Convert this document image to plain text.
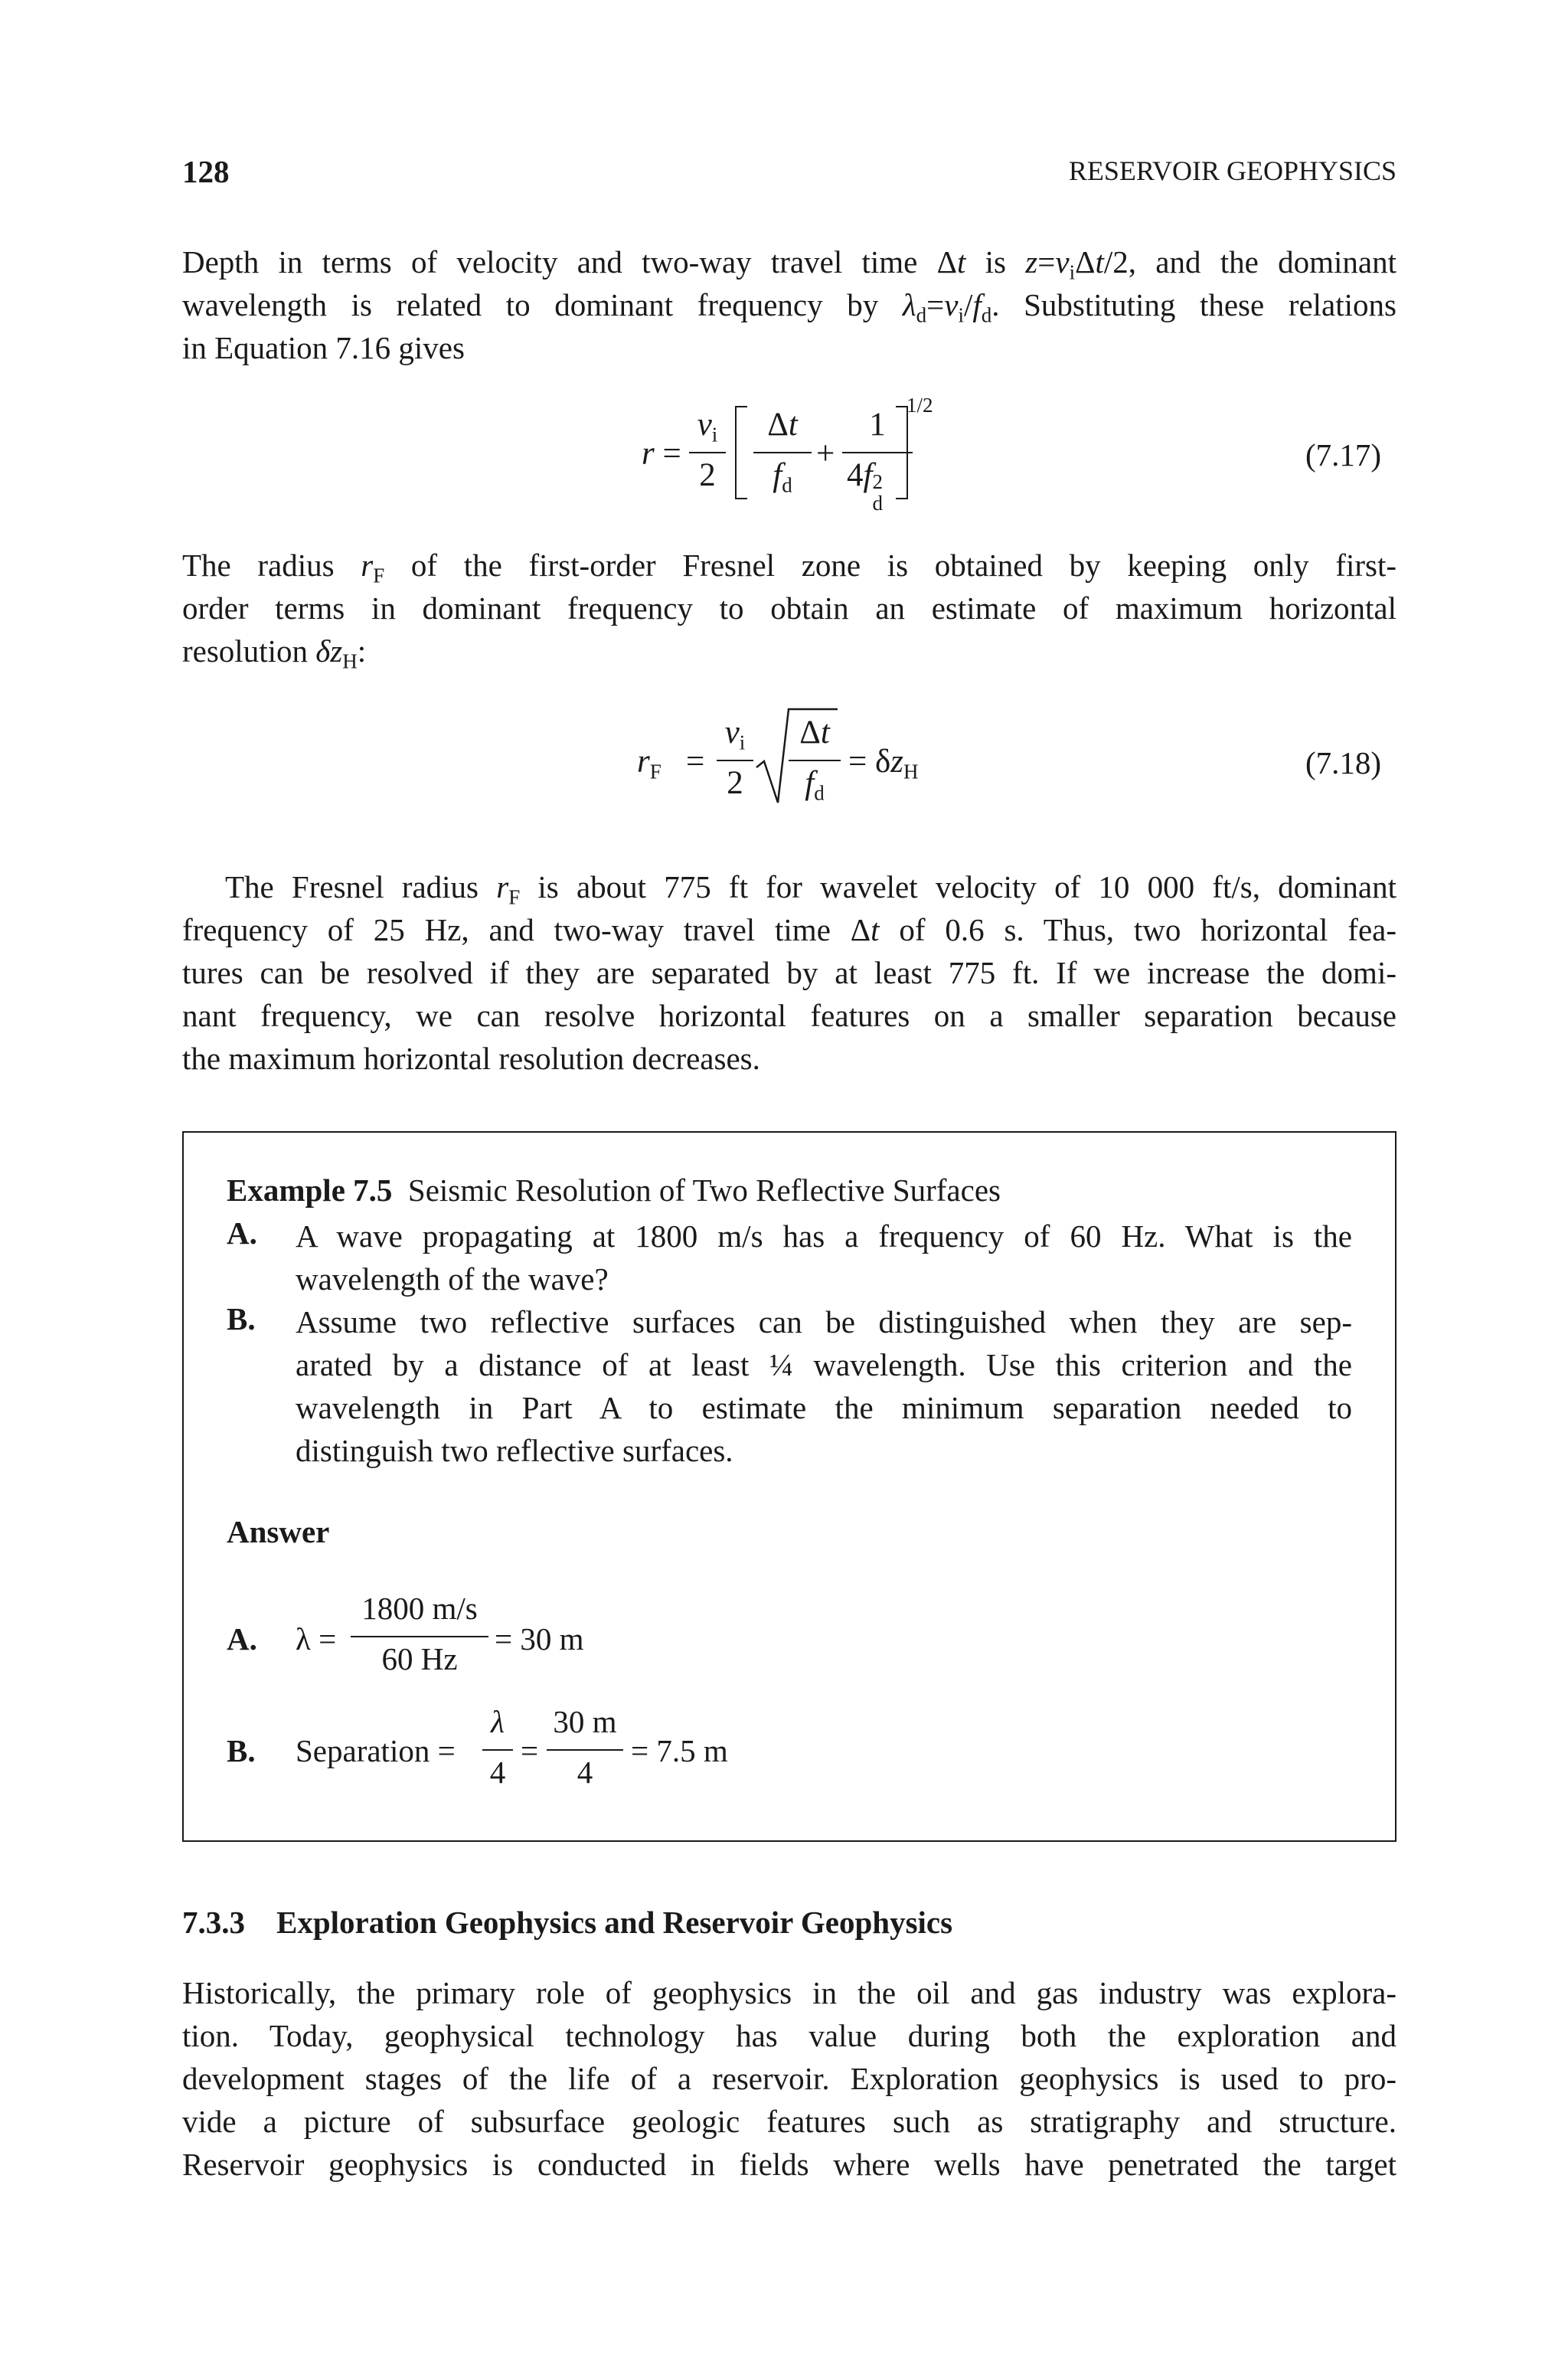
128	RESERVOIR GEOPHYSICS
Depth in terms of velocity and two-way travel time Δt is $z=v_i\Delta t/2$, and the dominant
wavelength is related to dominant frequency by $\lambda_d=v_i/f_d$. Substituting these relations
in Equation 7.16 gives
r =
$v_i$
2
Δt
$f_d$
+
1
4f 2
d
1/2
(7.17)
The radius $r_F$ of the first-order Fresnel zone is obtained by keeping only first-
order terms in dominant frequency to obtain an estimate of maximum horizontal
resolution $\delta z_H$:
$r_F$ =
$v_i$
2
Δt
$f_d$
= $\delta z_H$	(7.18)
The Fresnel radius $r_F$ is about 775 ft for wavelet velocity of 10 000 ft/s, dominant
frequency of 25 Hz, and two-way travel time Δt of 0.6 s. Thus, two horizontal fea-
tures can be resolved if they are separated by at least 775 ft. If we increase the domi-
nant frequency, we can resolve horizontal features on a smaller separation because
the maximum horizontal resolution decreases.
Example 7.5 Seismic Resolution of Two Reflective Surfaces
A. A wave propagating at 1800 m/s has a frequency of 60 Hz. What is the
wavelength of the wave?
B. Assume two reflective surfaces can be distinguished when they are sep-
arated by a distance of at least ¼ wavelength. Use this criterion and the
wavelength in Part A to estimate the minimum separation needed to
distinguish two reflective surfaces.
Answer
A. λ =
1800 m/s
60 Hz
= 30 m
B. Separation =
λ
4
=
30 m
4
= 7.5 m
7.3.3 Exploration Geophysics and Reservoir Geophysics
Historically, the primary role of geophysics in the oil and gas industry was explora-
tion. Today, geophysical technology has value during both the exploration and
development stages of the life of a reservoir. Exploration geophysics is used to pro-
vide a picture of subsurface geologic features such as stratigraphy and structure.
Reservoir geophysics is conducted in fields where wells have penetrated the target
